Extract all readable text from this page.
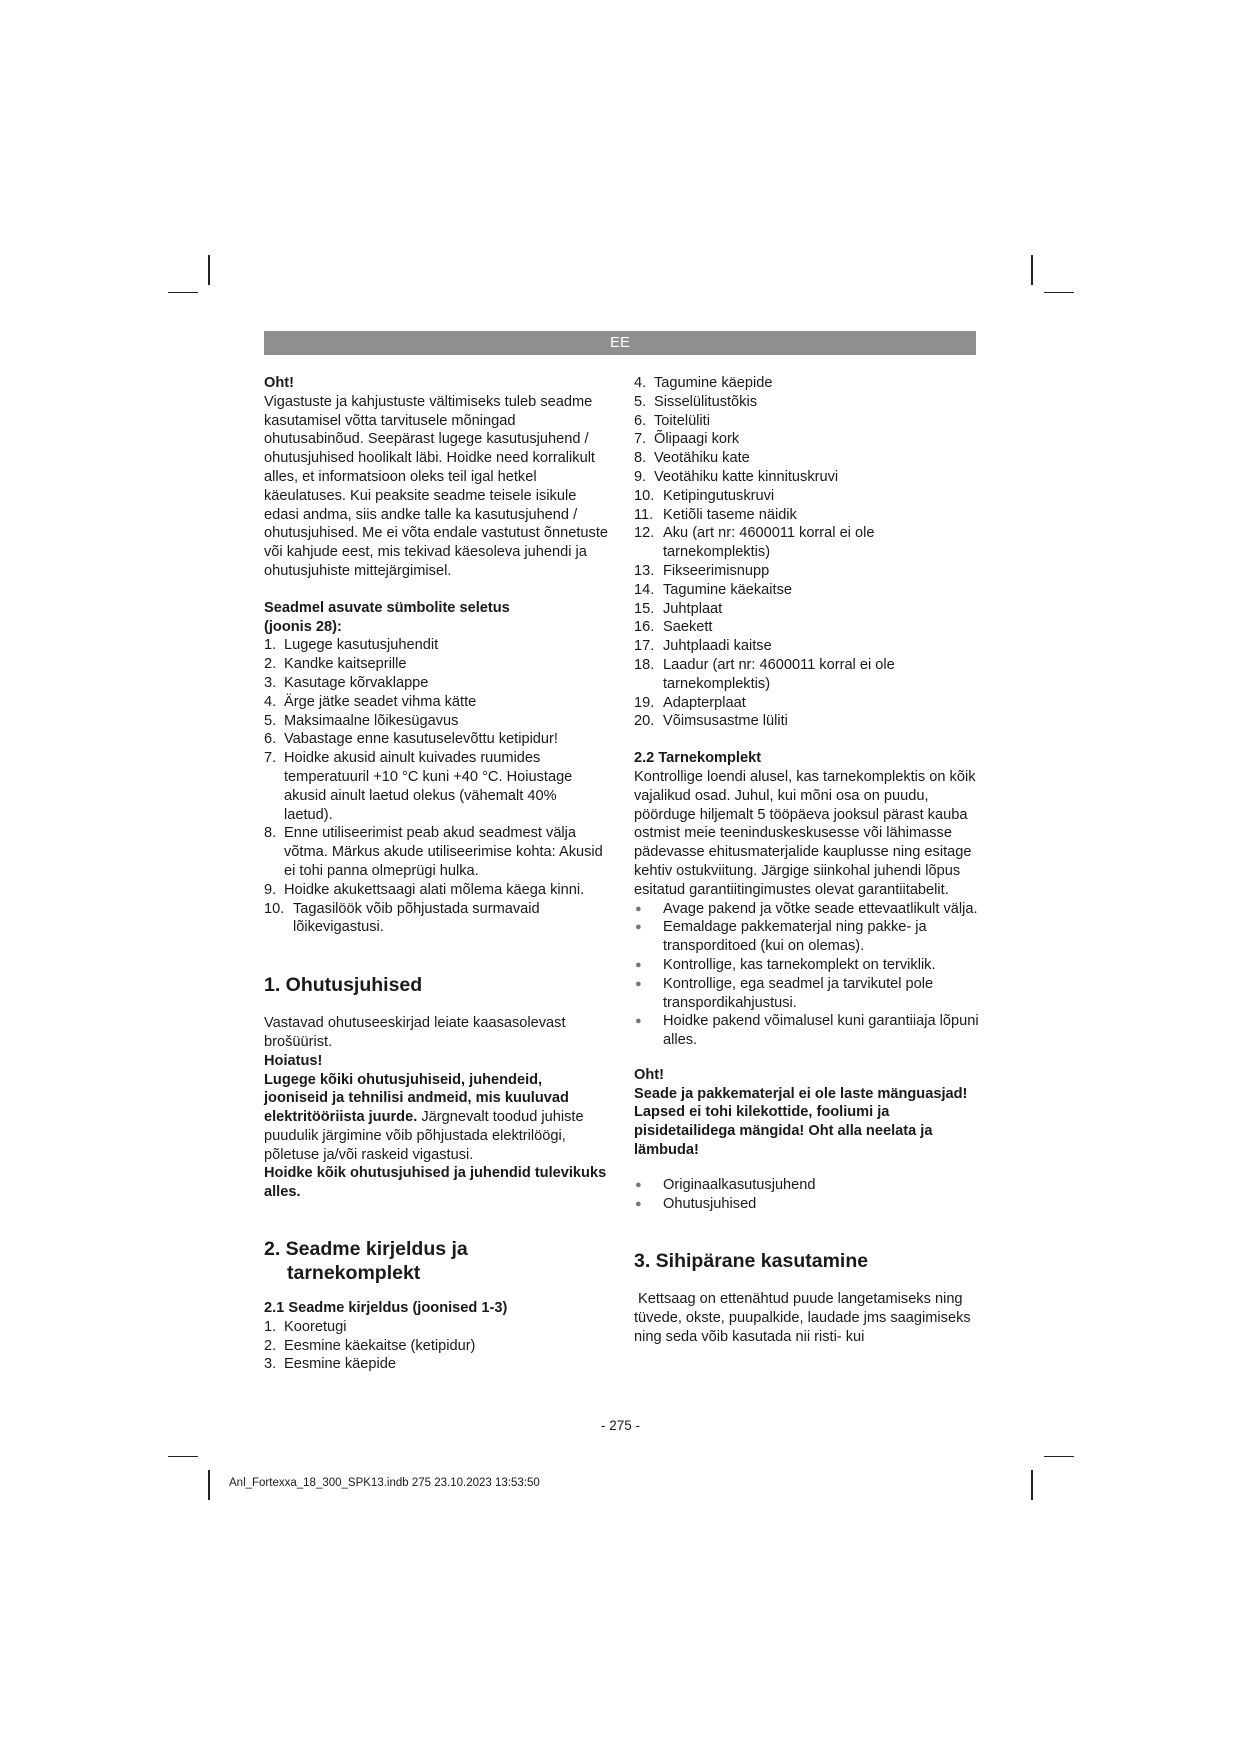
EE

Oht!

Vigastuste ja kahjustuste vältimiseks tuleb seadme kasutamisel võtta tarvitusele mõningad ohutusabinõud. Seepärast lugege kasutusjuhend / ohutusjuhised hoolikalt läbi. Hoidke need korralikult alles, et informatsioon oleks teil igal hetkel käeulatuses. Kui peaksite seadme teisele isikule edasi andma, siis andke talle ka kasutusjuhend / ohutusjuhised. Me ei võta endale vastutust õnnetuste või kahjude eest, mis tekivad käesoleva juhendi ja ohutusjuhiste mittejärgimisel.

Seadmel asuvate sümbolite seletus

(joonis 28):

1. Lugege kasutusjuhendit
2. Kandke kaitseprille
3. Kasutage kõrvaklappe
4. Ärge jätke seadet vihma kätte
5. Maksimaalne lõikesügavus
6. Vabastage enne kasutuselevõttu ketipidur!
7. Hoidke akusid ainult kuivades ruumides temperatuuril +10 °C kuni +40 °C. Hoiustage akusid ainult laetud olekus (vähemalt 40% laetud).
8. Enne utiliseerimist peab akud seadmest välja võtma. Märkus akude utiliseerimise kohta: Akusid ei tohi panna olmeprügi hulka.
9. Hoidke akukettsaagi alati mõlema käega kinni.
10. Tagasilöök võib põhjustada surmavaid lõikevigastusi.

1. Ohutusjuhised

Vastavad ohutuseeskirjad leiate kaasasolevast brošüürist.

Hoiatus!

Lugege kõiki ohutusjuhiseid, juhendeid, jooniseid ja tehnilisi andmeid, mis kuuluvad elektritööriista juurde. Järgnevalt toodud juhiste puudulik järgimine võib põhjustada elektrilöögi, põletuse ja/või raskeid vigastusi.

Hoidke kõik ohutusjuhised ja juhendid tulevikuks alles.

2. Seadme kirjeldus ja

tarnekomplekt

2.1 Seadme kirjeldus (joonised 1-3)

1. Kooretugi
2. Eesmine käekaitse (ketipidur)
3. Eesmine käepide
4. Tagumine käepide
5. Sisselülitustõkis
6. Toitelüliti
7. Õlipaagi kork
8. Veotähiku kate
9. Veotähiku katte kinnituskruvi
10. Ketipingutuskruvi
11. Ketiõli taseme näidik
12. Aku (art nr: 4600011 korral ei ole tarnekomplektis)
13. Fikseerimisnupp
14. Tagumine käekaitse
15. Juhtplaat
16. Saekett
17. Juhtplaadi kaitse
18. Laadur (art nr: 4600011 korral ei ole tarnekomplektis)
19. Adapterplaat
20. Võimsusastme lüliti

2.2 Tarnekomplekt

Kontrollige loendi alusel, kas tarnekomplektis on kõik vajalikud osad. Juhul, kui mõni osa on puudu, pöörduge hiljemalt 5 tööpäeva jooksul pärast kauba ostmist meie teeninduskeskusesse või lähimasse pädevasse ehitusmaterjalide kauplusse ning esitage kehtiv ostukviitung. Järgige siinkohal juhendi lõpus esitatud garantiitingimustes olevat garantiitabelit.

●	Avage pakend ja võtke seade ettevaatlikult välja.
●	Eemaldage pakkematerjal ning pakke- ja transporditoed (kui on olemas).
●	Kontrollige, kas tarnekomplekt on terviklik.
●	Kontrollige, ega seadmel ja tarvikutel pole transpordikahjustusi.
●	Hoidke pakend võimalusel kuni garantiiaja lõpuni alles.

Oht!

Seade ja pakkematerjal ei ole laste mänguasjad! Lapsed ei tohi kilekottide, fooliumi ja pisidetailidega mängida! Oht alla neelata ja lämbuda!

●	Originaalkasutusjuhend
●	Ohutusjuhised

3. Sihipärane kasutamine

Kettsaag on ettenähtud puude langetamiseks ning tüvede, okste, puupalkide, laudade jms saagimiseks ning seda võib kasutada nii risti- kui

- 275 -
Anl_Fortexxa_18_300_SPK13.indb 275 23.10.2023 13:53:50
